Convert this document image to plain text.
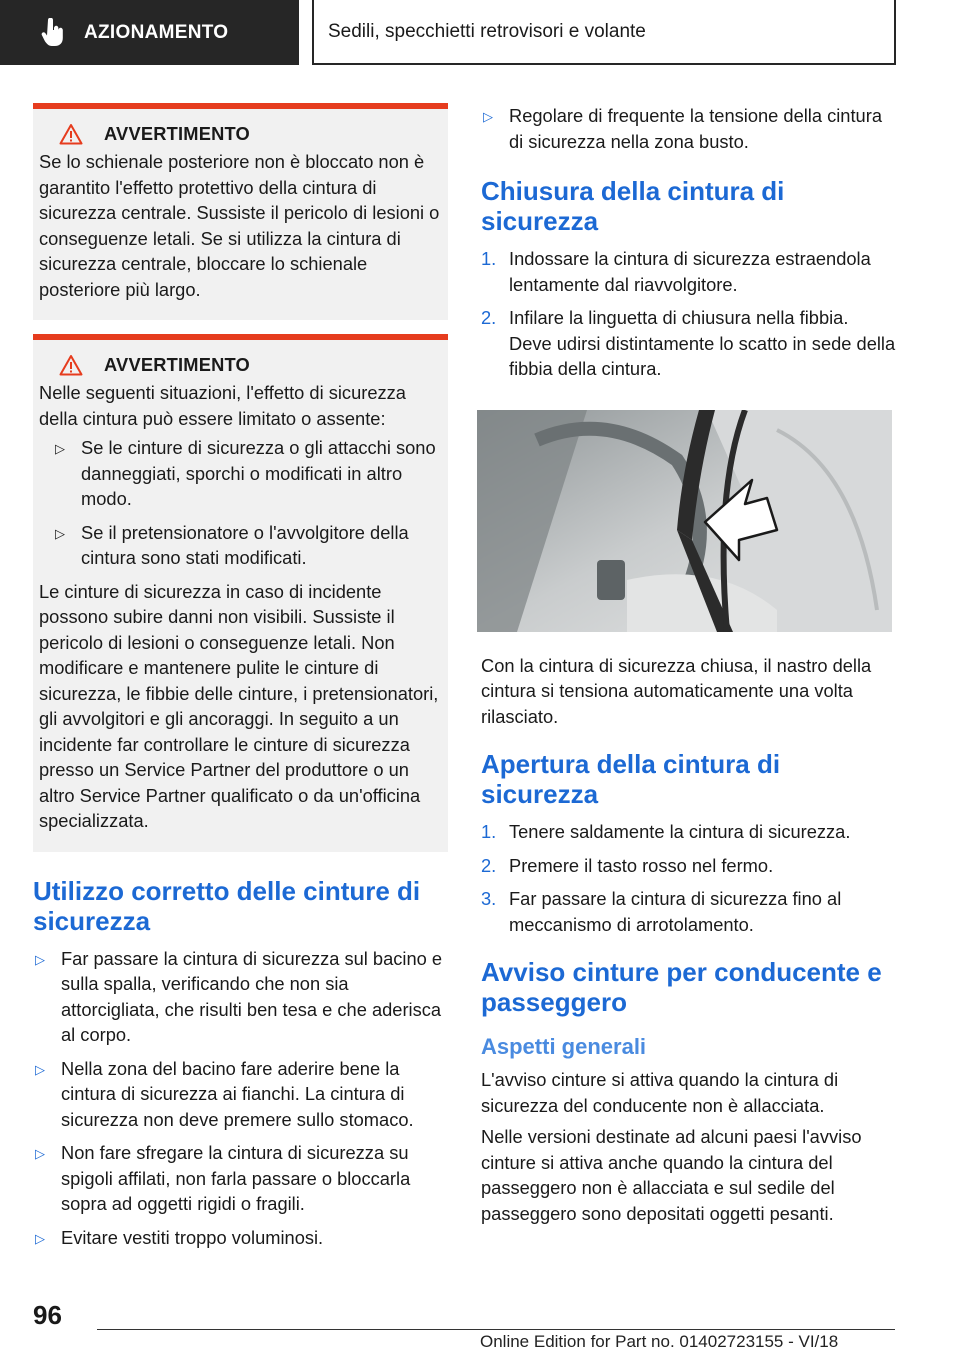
AZIONAMENTO	Sedili, specchietti retrovisori e volante
AVVERTIMENTO

Se lo schienale posteriore non è bloccato non è garantito l'effetto protettivo della cintura di sicurezza centrale. Sussiste il pericolo di lesioni o conseguenze letali. Se si utilizza la cintura di sicurezza centrale, bloccare lo schienale posteriore più largo.

AVVERTIMENTO

Nelle seguenti situazioni, l'effetto di sicurezza della cintura può essere limitato o assente:

▷ Se le cinture di sicurezza o gli attacchi sono danneggiati, sporchi o modificati in altro modo.
▷ Se il pretensionatore o l'avvolgitore della cintura sono stati modificati.

Le cinture di sicurezza in caso di incidente possono subire danni non visibili. Sussiste il pericolo di lesioni o conseguenze letali. Non modificare e mantenere pulite le cinture di sicurezza, le fibbie delle cinture, i pretensionatori, gli avvolgitori e gli ancoraggi. In seguito a un incidente far controllare le cinture di sicurezza presso un Service Partner del produttore o un altro Service Partner qualificato o da un'officina specializzata.

Utilizzo corretto delle cinture di sicurezza
▷ Far passare la cintura di sicurezza sul bacino e sulla spalla, verificando che non sia attorcigliata, che risulti ben tesa e che aderisca al corpo.
▷ Nella zona del bacino fare aderire bene la cintura di sicurezza ai fianchi. La cintura di sicurezza non deve premere sullo stomaco.
▷ Non fare sfregare la cintura di sicurezza su spigoli affilati, non farla passare o bloccarla sopra ad oggetti rigidi o fragili.
▷ Evitare vestiti troppo voluminosi.
▷ Regolare di frequente la tensione della cintura di sicurezza nella zona busto.
Chiusura della cintura di sicurezza
1. Indossare la cintura di sicurezza estraendola lentamente dal riavvolgitore.
2. Infilare la linguetta di chiusura nella fibbia. Deve udirsi distintamente lo scatto in sede della fibbia della cintura.

Con la cintura di sicurezza chiusa, il nastro della cintura si tensiona automaticamente una volta rilasciato.

Apertura della cintura di sicurezza
1. Tenere saldamente la cintura di sicurezza.
2. Premere il tasto rosso nel fermo.
3. Far passare la cintura di sicurezza fino al meccanismo di arrotolamento.
Avviso cinture per conducente e passeggero
Aspetti generali

L'avviso cinture si attiva quando la cintura di sicurezza del conducente non è allacciata.

Nelle versioni destinate ad alcuni paesi l'avviso cinture si attiva anche quando la cintura del passeggero non è allacciata e sul sedile del passeggero sono depositati oggetti pesanti.

96
Online Edition for Part no. 01402723155 - VI/18
